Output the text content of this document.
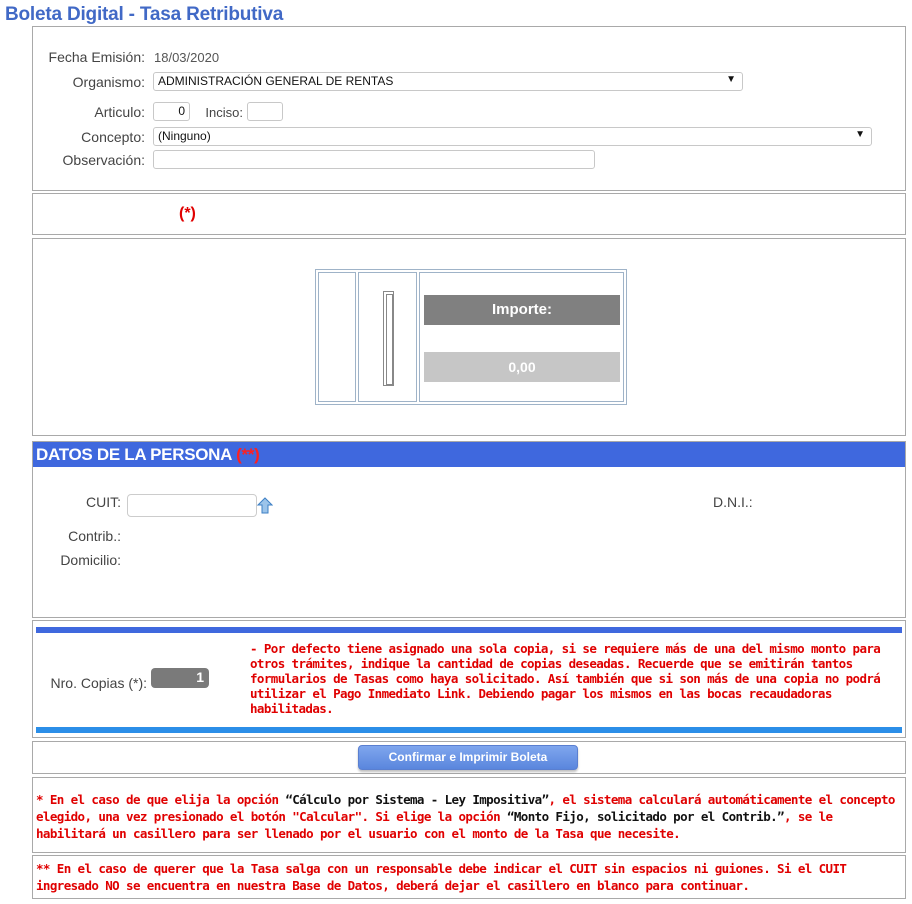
Boleta Digital - Tasa Retributiva
Fecha Emisión: 18/03/2020
Organismo:	ADMINISTRACIÓN GENERAL DE RENTAS	▼
Articulo:	0	Inciso:
Concepto:	(Ninguno)	▼
Observación:
(*)
Importe:
0,00
DATOS DE LA PERSONA (**)
CUIT:	D.N.I.:
Contrib.:
Domicilio:
Nro. Copias (*):	1
- Por defecto tiene asignado una sola copia, si se requiere más de una del mismo monto para otros trámites, indique la cantidad de copias deseadas. Recuerde que se emitirán tantos formularios de Tasas como haya solicitado. Así también que si son más de una copia no podrá utilizar el Pago Inmediato Link. Debiendo pagar los mismos en las bocas recaudadoras habilitadas.
Confirmar e Imprimir Boleta
* En el caso de que elija la opción “Cálculo por Sistema - Ley Impositiva”, el sistema calculará automáticamente el concepto elegido, una vez presionado el botón "Calcular". Si elige la opción “Monto Fijo, solicitado por el Contrib.”, se le habilitará un casillero para ser llenado por el usuario con el monto de la Tasa que necesite.
** En el caso de querer que la Tasa salga con un responsable debe indicar el CUIT sin espacios ni guiones. Si el CUIT ingresado NO se encuentra en nuestra Base de Datos, deberá dejar el casillero en blanco para continuar.
